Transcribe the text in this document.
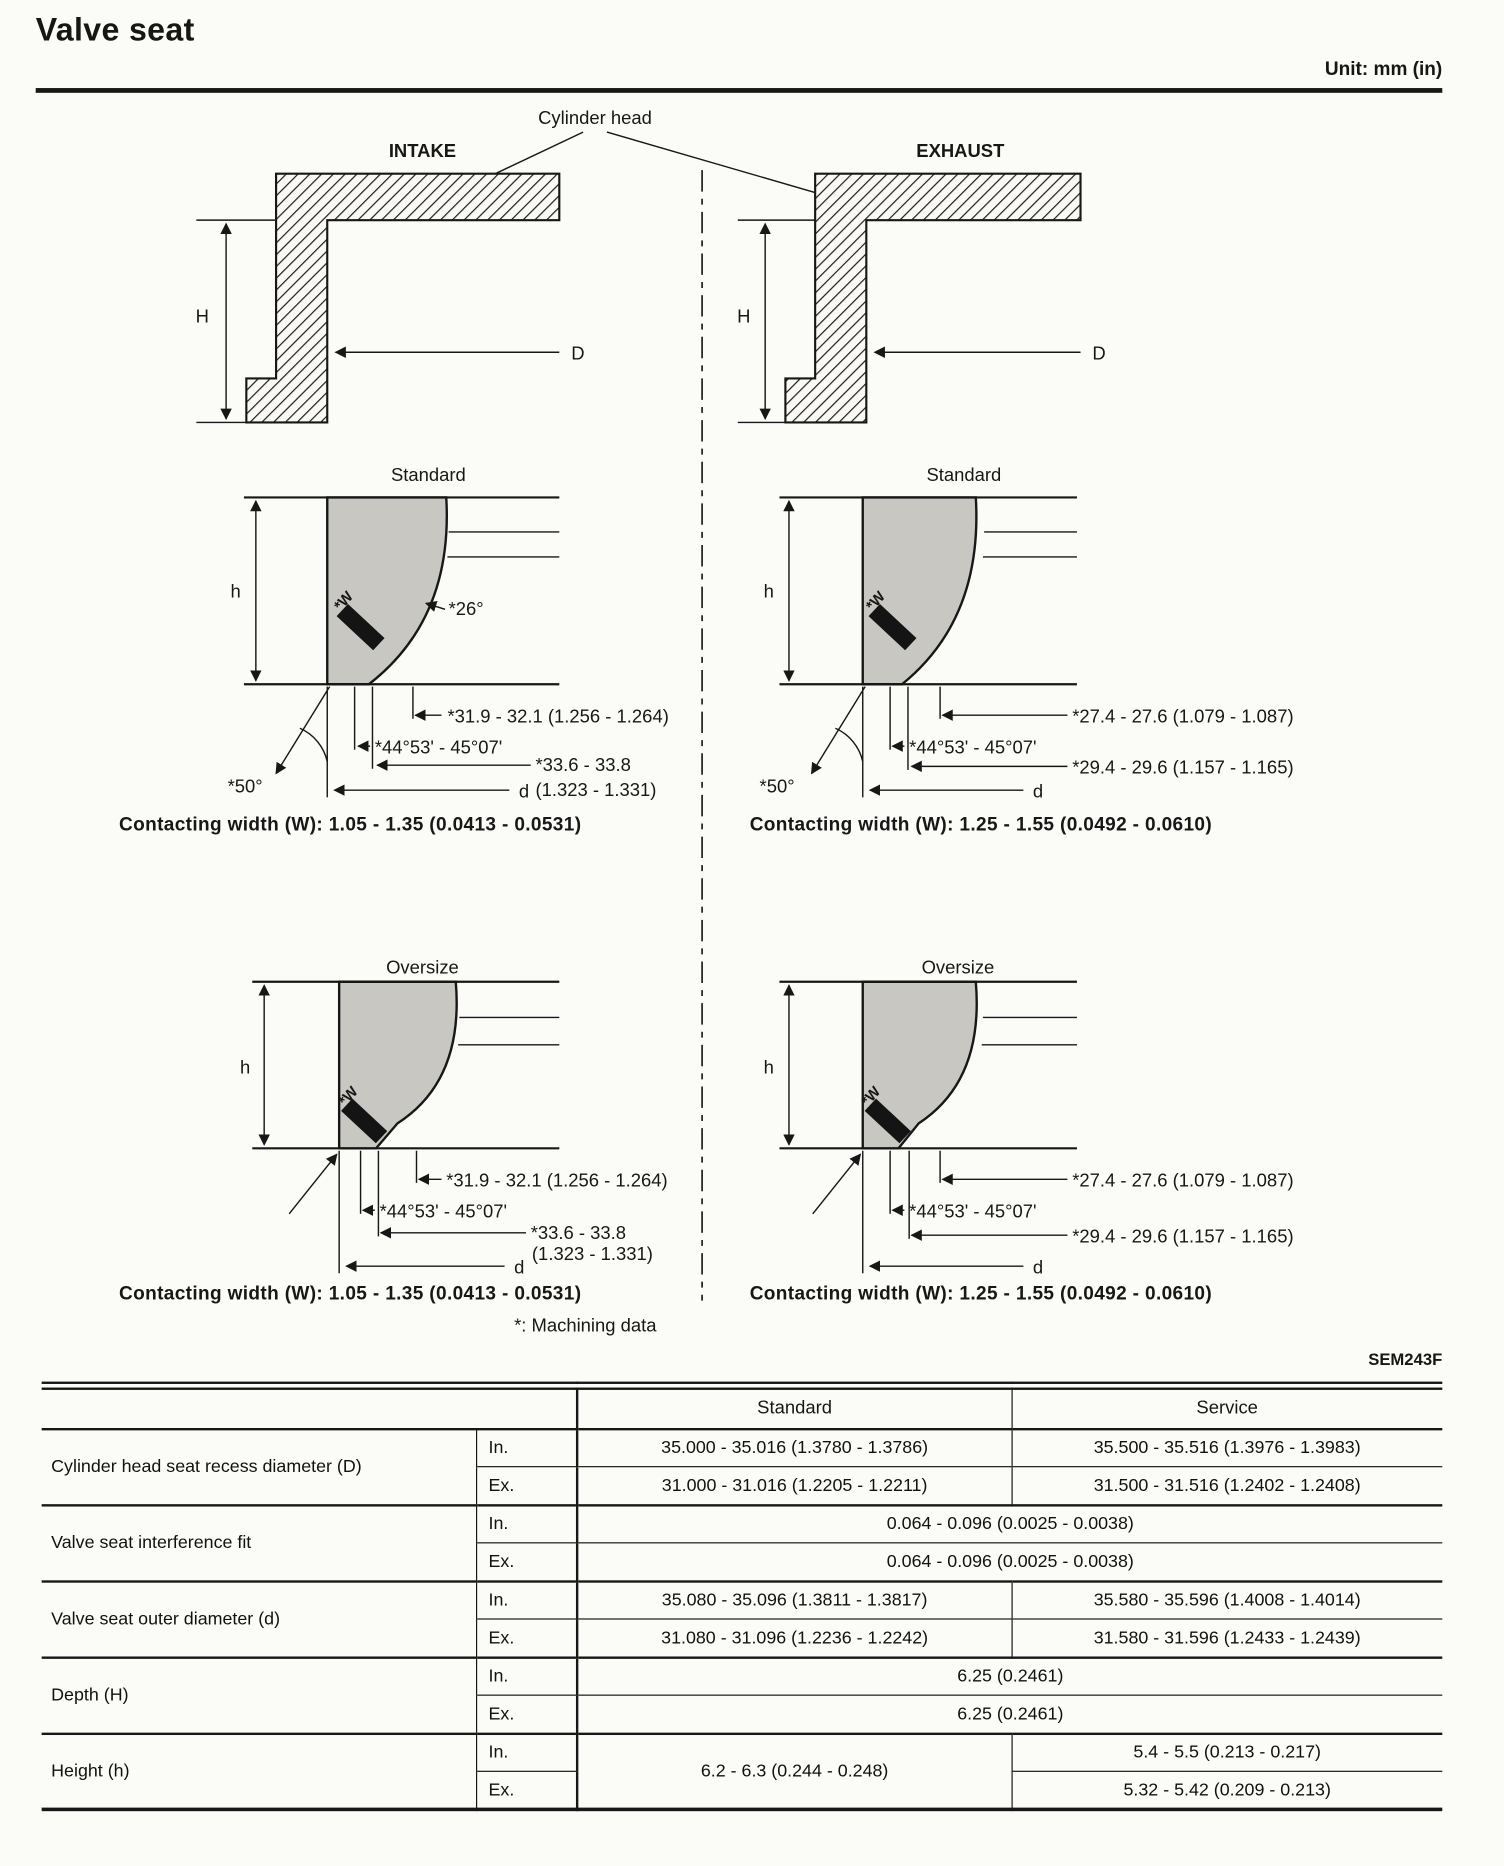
Valve seat
Unit: mm (in)
Cylinder head
INTAKE	EXHAUST
H
D
H
D
Standard
h	*W	*26°
*31.9 - 32.1 (1.256 - 1.264)
*44°53' - 45°07'
*33.6 - 33.8
(1.323 - 1.331)
*50°	d
Contacting width (W): 1.05 - 1.35 (0.0413 - 0.0531)
Standard
h	*W
*27.4 - 27.6 (1.079 - 1.087)
*44°53' - 45°07'
*29.4 - 29.6 (1.157 - 1.165)
*50°	d
Contacting width (W): 1.25 - 1.55 (0.0492 - 0.0610)
Oversize
h
*W
*31.9 - 32.1 (1.256 - 1.264)
*44°53' - 45°07'
*33.6 - 33.8
(1.323 - 1.331)
d
Contacting width (W): 1.05 - 1.35 (0.0413 - 0.0531)
Oversize
h
*W
*27.4 - 27.6 (1.079 - 1.087)
*44°53' - 45°07'
*29.4 - 29.6 (1.157 - 1.165)
d
Contacting width (W): 1.25 - 1.55 (0.0492 - 0.0610)
*: Machining data
SEM243F
		Standard	Service
Cylinder head seat recess diameter (D)	In.	35.000 - 35.016 (1.3780 - 1.3786)	35.500 - 35.516 (1.3976 - 1.3983)
	Ex.	31.000 - 31.016 (1.2205 - 1.2211)	31.500 - 31.516 (1.2402 - 1.2408)
Valve seat interference fit	In.	0.064 - 0.096 (0.0025 - 0.0038)	
	Ex.	0.064 - 0.096 (0.0025 - 0.0038)	
Valve seat outer diameter (d)	In.	35.080 - 35.096 (1.3811 - 1.3817)	35.580 - 35.596 (1.4008 - 1.4014)
	Ex.	31.080 - 31.096 (1.2236 - 1.2242)	31.580 - 31.596 (1.2433 - 1.2439)
Depth (H)	In.	6.25 (0.2461)	
	Ex.	6.25 (0.2461)	
Height (h)	In.	6.2 - 6.3 (0.244 - 0.248)	5.4 - 5.5 (0.213 - 0.217)
	Ex.		5.32 - 5.42 (0.209 - 0.213)
